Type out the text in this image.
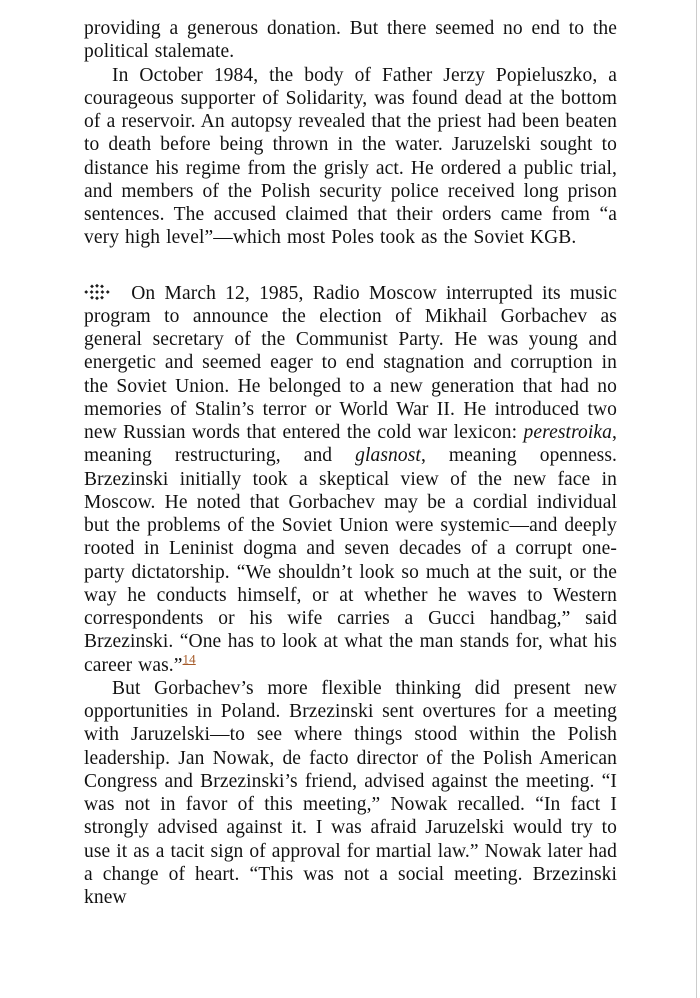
providing a generous donation. But there seemed no end to the political stalemate.

In October 1984, the body of Father Jerzy Popieluszko, a courageous supporter of Solidarity, was found dead at the bottom of a reservoir. An autopsy revealed that the priest had been beaten to death before being thrown in the water. Jaruzelski sought to distance his regime from the grisly act. He ordered a public trial, and members of the Polish security police received long prison sentences. The accused claimed that their orders came from “a very high level”—which most Poles took as the Soviet KGB.

On March 12, 1985, Radio Moscow interrupted its music program to announce the election of Mikhail Gorbachev as general secretary of the Communist Party. He was young and energetic and seemed eager to end stagnation and corruption in the Soviet Union. He belonged to a new generation that had no memories of Stalin’s terror or World War II. He introduced two new Russian words that entered the cold war lexicon: perestroika, meaning restructuring, and glasnost, meaning openness. Brzezinski initially took a skeptical view of the new face in Moscow. He noted that Gorbachev may be a cordial individual but the problems of the Soviet Union were systemic—and deeply rooted in Leninist dogma and seven decades of a corrupt one-party dictatorship. “We shouldn’t look so much at the suit, or the way he conducts himself, or at whether he waves to Western correspondents or his wife carries a Gucci handbag,” said Brzezinski. “One has to look at what the man stands for, what his career was.”$^{14}$

But Gorbachev’s more flexible thinking did present new opportunities in Poland. Brzezinski sent overtures for a meeting with Jaruzelski—to see where things stood within the Polish leadership. Jan Nowak, de facto director of the Polish American Congress and Brzezinski’s friend, advised against the meeting. “I was not in favor of this meeting,” Nowak recalled. “In fact I strongly advised against it. I was afraid Jaruzelski would try to use it as a tacit sign of approval for martial law.” Nowak later had a change of heart. “This was not a social meeting. Brzezinski knew
